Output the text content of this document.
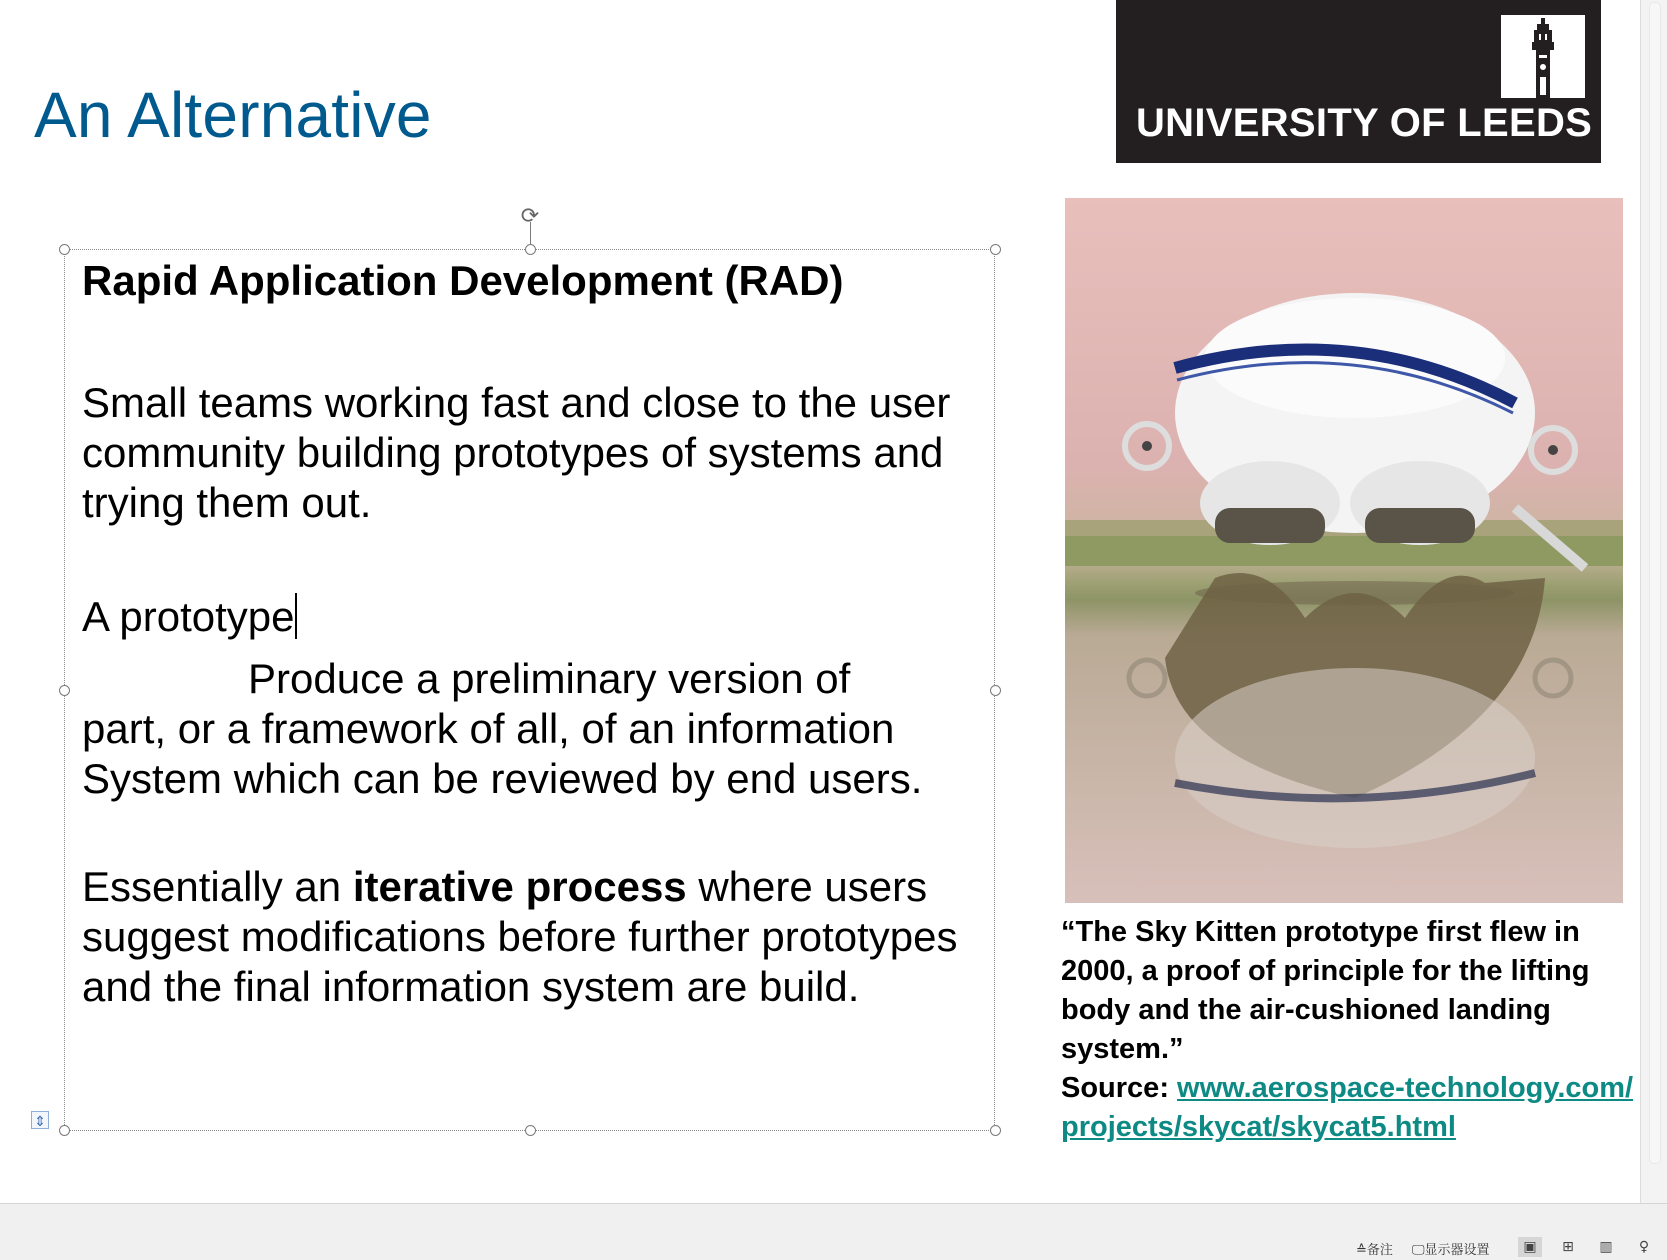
An Alternative	UNIVERSITY OF LEEDS
⟳

Rapid Application Development (RAD)

Small teams working fast and close to the user community building prototypes of systems and trying them out.

A prototype

Produce a preliminary version of

part, or a framework of all, of an information System which can be reviewed by end users.

Essentially an iterative process where users suggest modifications before further prototypes and the final information system are build.

⇕

“The Sky Kitten prototype first flew in 2000, a proof of principle for the lifting body and the air-cushioned landing system.”

Source: www.aerospace-technology.com/projects/skycat/skycat5.html

≙备注 🖵显示器设置	▣	⊞	▥	♀
